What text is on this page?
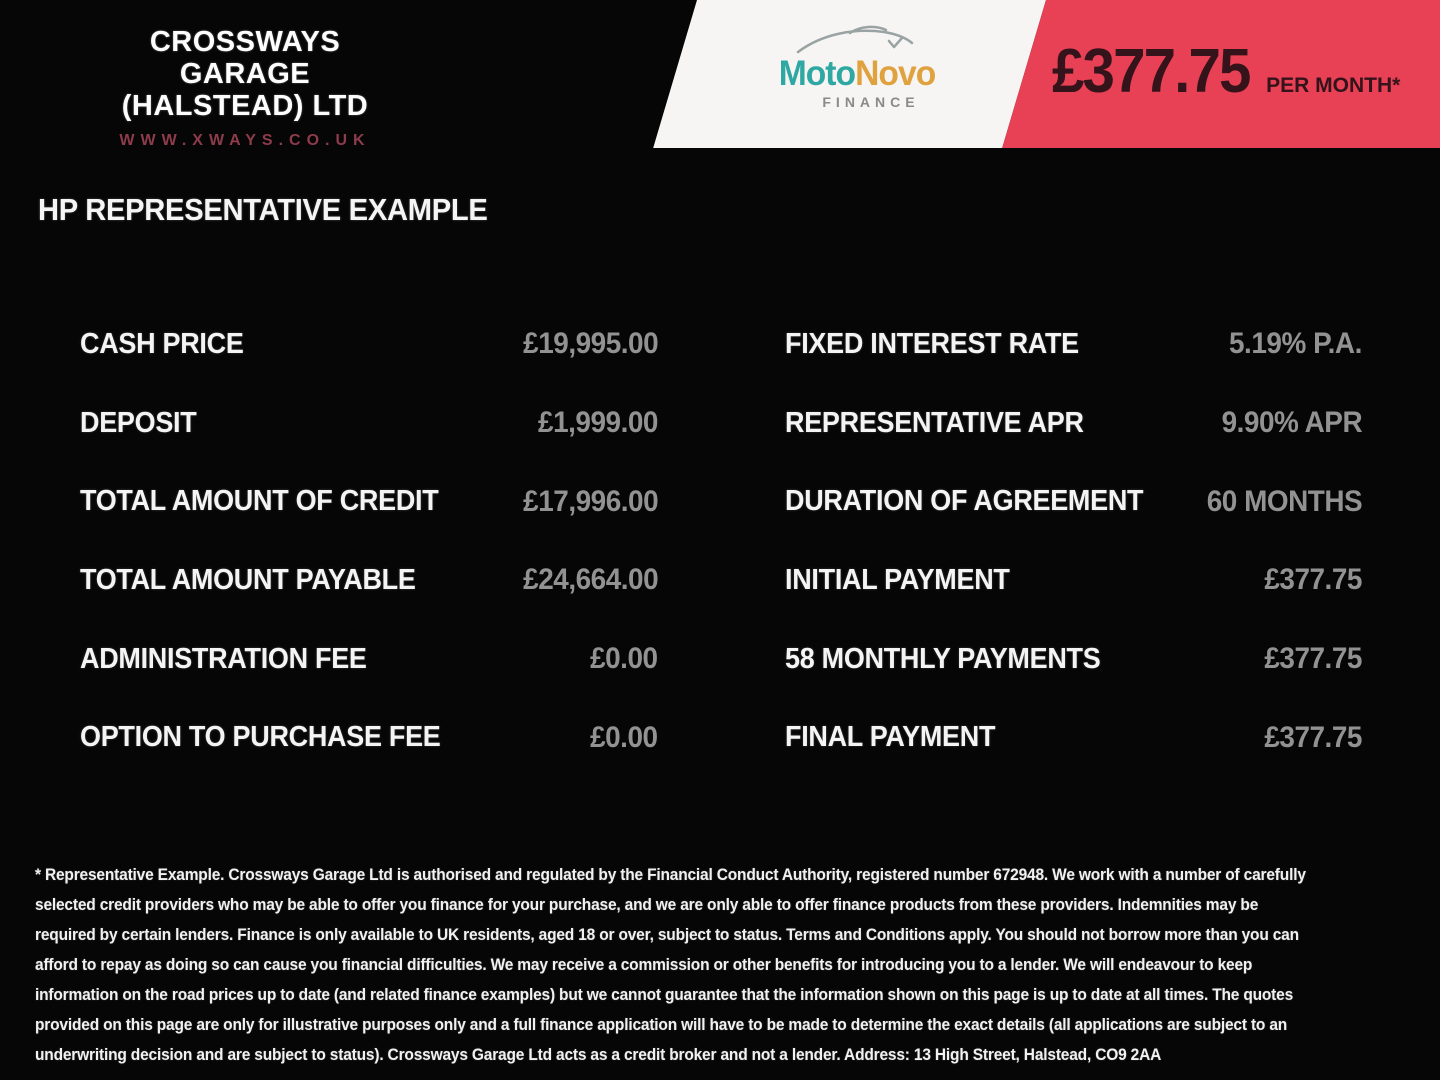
CROSSWAYS GARAGE
(HALSTEAD) LTD
WWW.XWAYS.CO.UK
MotoNovo
FINANCE	£377.75 PER MONTH*
HP REPRESENTATIVE EXAMPLE
CASH PRICE	£19,995.00	FIXED INTEREST RATE	5.19% P.A.
DEPOSIT	£1,999.00	REPRESENTATIVE APR	9.90% APR
TOTAL AMOUNT OF CREDIT	£17,996.00	DURATION OF AGREEMENT	60 MONTHS
TOTAL AMOUNT PAYABLE	£24,664.00	INITIAL PAYMENT	£377.75
ADMINISTRATION FEE	£0.00	58 MONTHLY PAYMENTS	£377.75
OPTION TO PURCHASE FEE	£0.00	FINAL PAYMENT	£377.75
* Representative Example. Crossways Garage Ltd is authorised and regulated by the Financial Conduct Authority, registered number 672948. We work with a number of carefully selected credit providers who may be able to offer you finance for your purchase, and we are only able to offer finance products from these providers. Indemnities may be required by certain lenders. Finance is only available to UK residents, aged 18 or over, subject to status. Terms and Conditions apply. You should not borrow more than you can afford to repay as doing so can cause you financial difficulties. We may receive a commission or other benefits for introducing you to a lender. We will endeavour to keep information on the road prices up to date (and related finance examples) but we cannot guarantee that the information shown on this page is up to date at all times. The quotes provided on this page are only for illustrative purposes only and a full finance application will have to be made to determine the exact details (all applications are subject to an underwriting decision and are subject to status). Crossways Garage Ltd acts as a credit broker and not a lender. Address: 13 High Street, Halstead, CO9 2AA
